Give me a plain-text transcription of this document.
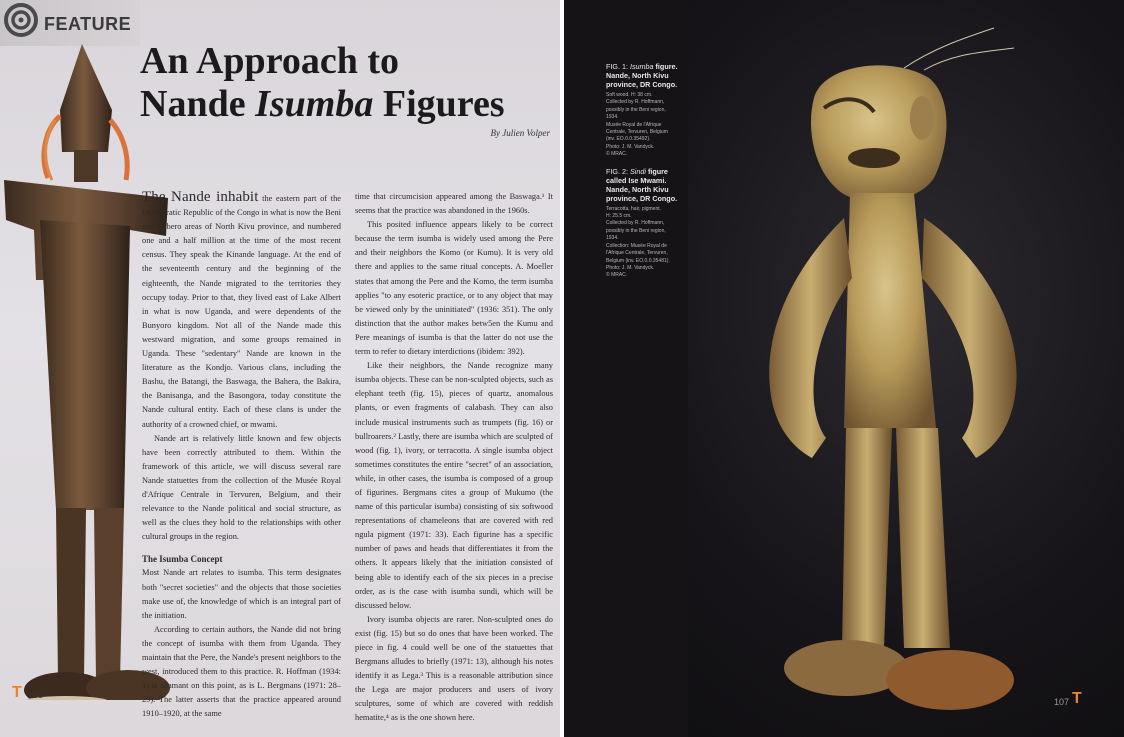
FEATURE
An Approach to
Nande Isumba Figures
By Julien Volper

The Nande inhabit the eastern part of the Democratic Republic of the Congo in what is now the Beni and Lubero areas of North Kivu province, and numbered one and a half million at the time of the most recent census. They speak the Kinande language. At the end of the seventeenth century and the beginning of the eighteenth, the Nande migrated to the territories they occupy today. Prior to that, they lived east of Lake Albert in what is now Uganda, and were dependents of the Bunyoro kingdom. Not all of the Nande made this westward migration, and some groups remained in Uganda. These "sedentary" Nande are known in the literature as the Kondjo. Various clans, including the Bashu, the Batangi, the Baswaga, the Bahera, the Bakira, the Banisanga, and the Basongora, today constitute the Nande cultural entity. Each of these clans is under the authority of a crowned chief, or mwami.

Nande art is relatively little known and few objects have been correctly attributed to them. Within the framework of this article, we will discuss several rare Nande statuettes from the collection of the Musée Royal d'Afrique Centrale in Tervuren, Belgium, and their relevance to the Nande political and social structure, as well as the clues they hold to the relationships with other cultural groups in the region.

The Isumba Concept

Most Nande art relates to isumba. This term designates both "secret societies" and the objects that those societies make use of, the knowledge of which is an integral part of the initiation.

According to certain authors, the Nande did not bring the concept of isumba with them from Uganda. They maintain that the Pere, the Nande's present neighbors to the west, introduced them to this practice. R. Hoffman (1934: 1) is adamant on this point, as is L. Bergmans (1971: 28–29). The latter asserts that the practice appeared around 1910–1920, at the same

time that circumcision appeared among the Baswaga.¹ It seems that the practice was abandoned in the 1960s.

This posited influence appears likely to be correct because the term isumba is widely used among the Pere and their neighbors the Komo (or Kumu). It is very old there and applies to the same ritual concepts. A. Moeller states that among the Pere and the Komo, the term isumba applies "to any esoteric practice, or to any object that may be viewed only by the uninitiated" (1936: 351). The only distinction that the author makes betw5en the Kumu and Pere meanings of isumba is that the latter do not use the term to refer to dietary interdictions (ibidem: 392).

Like their neighbors, the Nande recognize many isumba objects. These can be non-sculpted objects, such as elephant teeth (fig. 15), pieces of quartz, anomalous plants, or even fragments of calabash. They can also include musical instruments such as trumpets (fig. 16) or bullroarers.² Lastly, there are isumba which are sculpted of wood (fig. 1), ivory, or terracotta. A single isumba object sometimes constitutes the entire "secret" of an association, while, in other cases, the isumba is composed of a group of figurines. Bergmans cites a group of Mukumo (the name of this particular isumba) consisting of six softwood representations of chameleons that are covered with red ngula pigment (1971: 33). Each figurine has a specific number of paws and heads that differentiates it from the others. It appears likely that the initiation consisted of being able to identify each of the six pieces in a precise order, as is the case with isumba sundi, which will be discussed below.

Ivory isumba objects are rarer. Non-sculpted ones do exist (fig. 15) but so do ones that have been worked. The piece in fig. 4 could well be one of the statuettes that Bergmans alludes to briefly (1971: 13), although his notes identify it as Lega.³ This is a reasonable attribution since the Lega are major producers and users of ivory sculptures, some of which are covered with reddish hematite,⁴ as is the one shown here.

T 106
FIG. 1: Isumba figure. Nande, North Kivu province, DR Congo.
Soft wood. H: 38 cm.
Collected by R. Hoffmann,
possibly in the Beni region,
1934.
Musée Royal de l'Afrique
Centrale, Tervuren, Belgium
(inv. EO.0.0.35492).
Photo: J. M. Vandyck.
© MRAC.
FIG. 2: Sindi figure called Ise Mwami. Nande, North Kivu province, DR Congo.
Terracotta, hair, pigment.
H: 25.5 cm.
Collected by R. Hoffmann,
possibly in the Beni region,
1934.
Collection: Musée Royal de
l'Afrique Centrale, Tervuren,
Belgium (inv. EO.0.0.35481).
Photo: J. M. Vandyck.
© MRAC.
107 T
